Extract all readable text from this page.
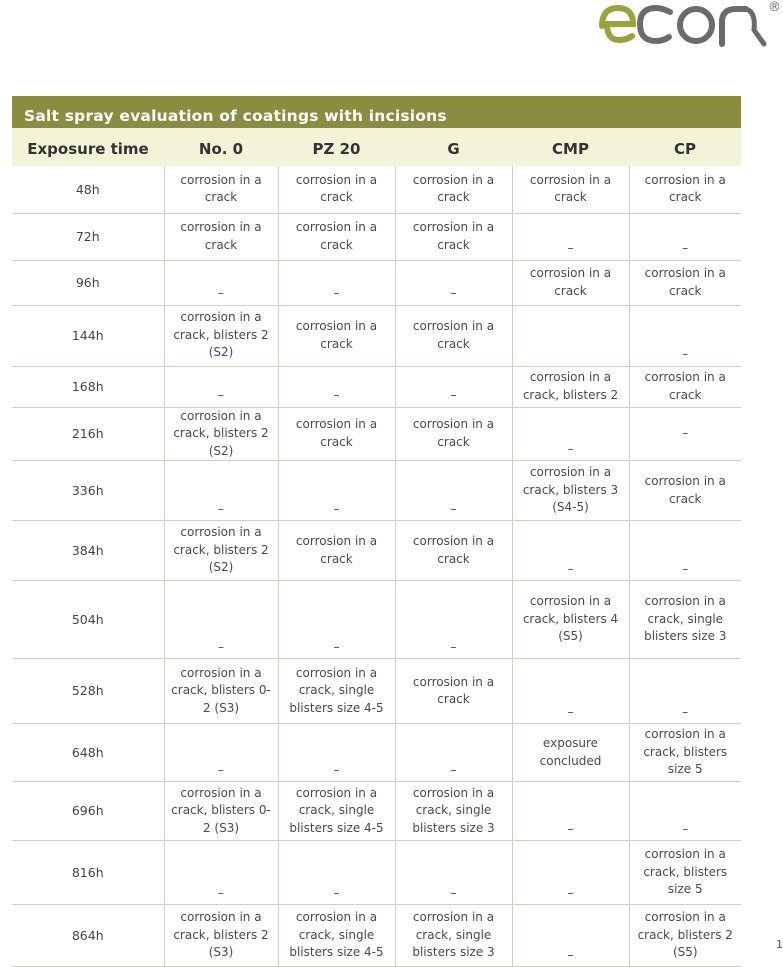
®
Salt spray evaluation of coatings with incisions
Exposure time	No. 0	PZ 20	G	CMP	CP
48h	corrosion in a crack	corrosion in a crack	corrosion in a crack	corrosion in a crack	corrosion in a crack
72h	corrosion in a crack	corrosion in a crack	corrosion in a crack	–	–
96h	–	–	–	corrosion in a crack	corrosion in a crack
144h	corrosion in a crack, blisters 2 (S2)	corrosion in a crack	corrosion in a crack		–
168h	–	–	–	corrosion in a crack, blisters 2	corrosion in a crack
216h	corrosion in a crack, blisters 2 (S2)	corrosion in a crack	corrosion in a crack	–	–
336h	–	–	–	corrosion in a crack, blisters 3 (S4-5)	corrosion in a crack
384h	corrosion in a crack, blisters 2 (S2)	corrosion in a crack	corrosion in a crack	–	–
504h	–	–	–	corrosion in a crack, blisters 4 (S5)	corrosion in a crack, single blisters size 3
528h	corrosion in a crack, blisters 0-2 (S3)	corrosion in a crack, single blisters size 4-5	corrosion in a crack	–	–
648h	–	–	–	exposure concluded	corrosion in a crack, blisters size 5
696h	corrosion in a crack, blisters 0-2 (S3)	corrosion in a crack, single blisters size 4-5	corrosion in a crack, single blisters size 3	–	–
816h	–	–	–	–	corrosion in a crack, blisters size 5
864h	corrosion in a crack, blisters 2 (S3)	corrosion in a crack, single blisters size 4-5	corrosion in a crack, single blisters size 3	–	corrosion in a crack, blisters 2 (S5)
1
